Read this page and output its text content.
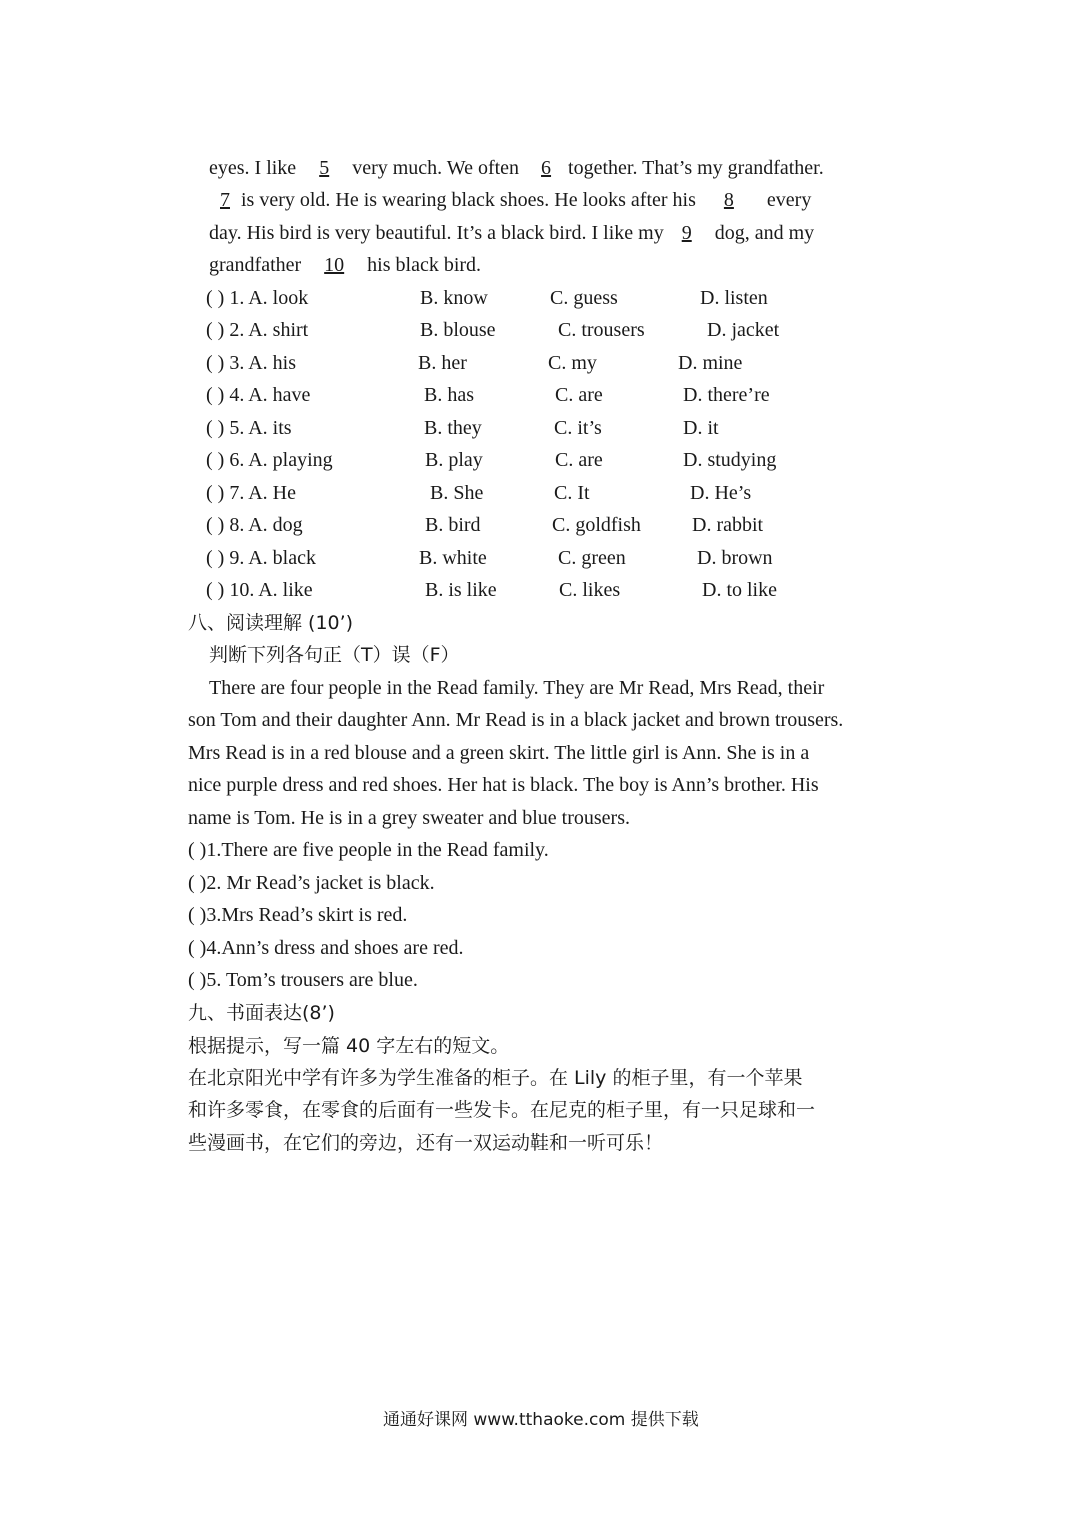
eyes. I like 5 very much. We often 6 together. That’s my grandfather.
7 is very old. He is wearing black shoes. He looks after his 8 every
day. His bird is very beautiful. It’s a black bird. I like my 9 dog, and my
grandfather 10 his black bird.
( ) 1. A. look	B. know	C. guess	D. listen
( ) 2. A. shirt	B. blouse	C. trousers	D. jacket
( ) 3. A. his	B. her	C. my	D. mine
( ) 4. A. have	B. has	C. are	D. there’re
( ) 5. A. its	B. they	C. it’s	D. it
( ) 6. A. playing	B. play	C. are	D. studying
( ) 7. A. He	B. She	C. It	D. He’s
( ) 8. A. dog	B. bird	C. goldfish	D. rabbit
( ) 9. A. black	B. white	C. green	D. brown
( ) 10. A. like	B. is like	C. likes	D. to like
八、阅读理解 (10’)
判断下列各句正（T）误（F）
There are four people in the Read family. They are Mr Read, Mrs Read, their
son Tom and their daughter Ann. Mr Read is in a black jacket and brown trousers.
Mrs Read is in a red blouse and a green skirt. The little girl is Ann. She is in a
nice purple dress and red shoes. Her hat is black. The boy is Ann’s brother. His
name is Tom. He is in a grey sweater and blue trousers.
( )1.There are five people in the Read family.
( )2. Mr Read’s jacket is black.
( )3.Mrs Read’s skirt is red.
( )4.Ann’s dress and shoes are red.
( )5. Tom’s trousers are blue.
九、书面表达(8’)
根据提示，写一篇 40 字左右的短文。
在北京阳光中学有许多为学生准备的柜子。在 Lily 的柜子里，有一个苹果
和许多零食，在零食的后面有一些发卡。在尼克的柜子里，有一只足球和一
些漫画书，在它们的旁边，还有一双运动鞋和一听可乐！
通通好课网 www.tthaoke.com 提供下载
